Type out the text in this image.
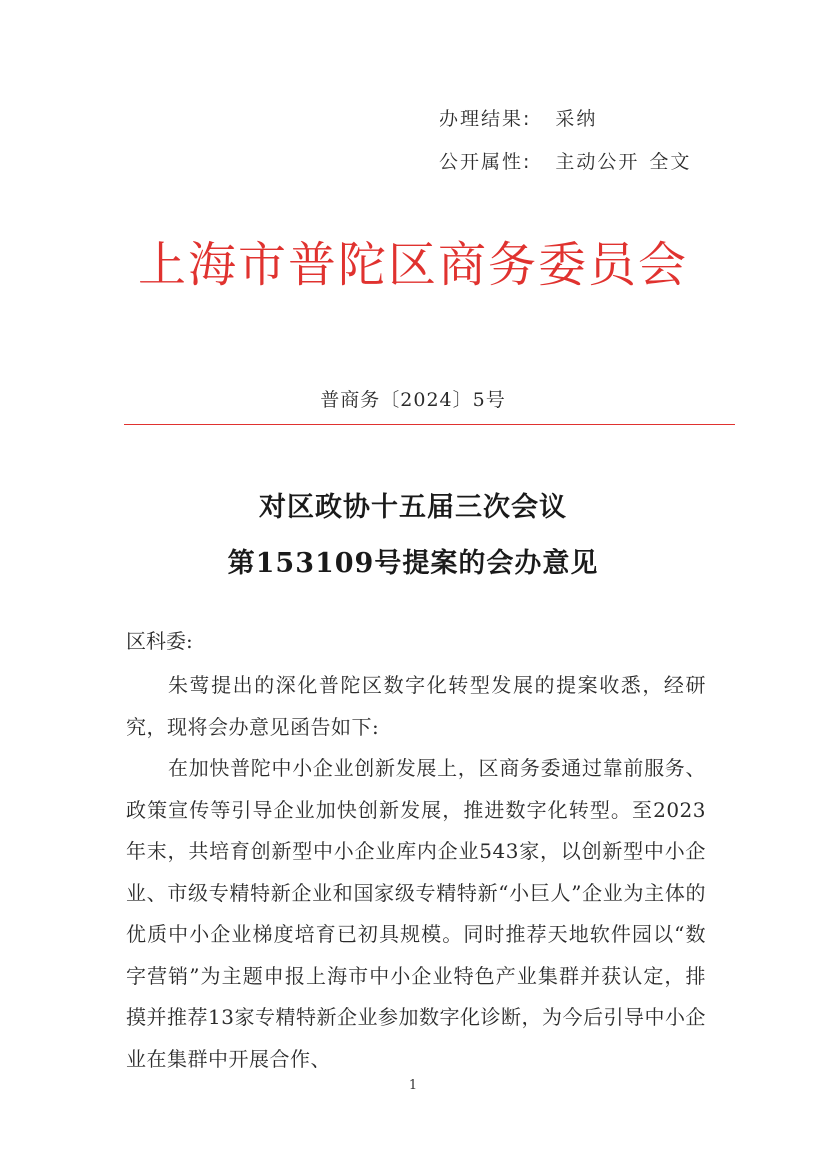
办理结果: 采纳
公开属性: 主动公开 全文
上海市普陀区商务委员会
普商务〔2024〕5号
对区政协十五届三次会议
第153109号提案的会办意见
区科委:
朱莺提出的深化普陀区数字化转型发展的提案收悉，经研究，现将会办意见函告如下:
在加快普陀中小企业创新发展上，区商务委通过靠前服务、政策宣传等引导企业加快创新发展，推进数字化转型。至2023年末，共培育创新型中小企业库内企业543家，以创新型中小企业、市级专精特新企业和国家级专精特新“小巨人”企业为主体的优质中小企业梯度培育已初具规模。同时推荐天地软件园以“数字营销”为主题申报上海市中小企业特色产业集群并获认定，排摸并推荐13家专精特新企业参加数字化诊断，为今后引导中小企业在集群中开展合作、
1
